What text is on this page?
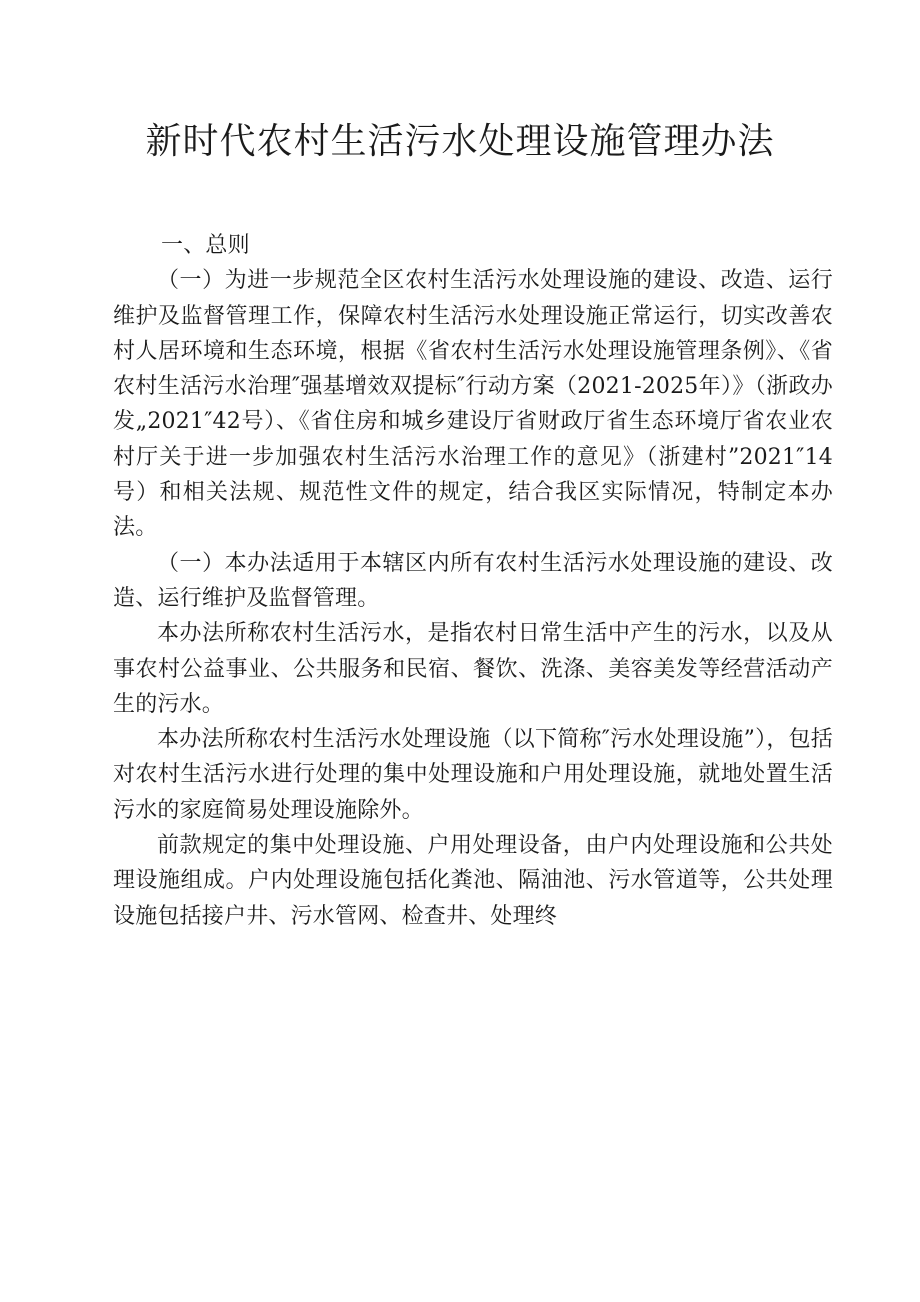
新时代农村生活污水处理设施管理办法

一、总则

（一）为进一步规范全区农村生活污水处理设施的建设、改造、运行维护及监督管理工作，保障农村生活污水处理设施正常运行，切实改善农村人居环境和生态环境，根据《省农村生活污水处理设施管理条例》、《省农村生活污水治理″强基增效双提标″行动方案（2021-2025年）》（浙政办发„2021″42号）、《省住房和城乡建设厅省财政厅省生态环境厅省农业农村厅关于进一步加强农村生活污水治理工作的意见》（浙建村”2021″14号）和相关法规、规范性文件的规定，结合我区实际情况，特制定本办法。

（一）本办法适用于本辖区内所有农村生活污水处理设施的建设、改造、运行维护及监督管理。

本办法所称农村生活污水，是指农村日常生活中产生的污水，以及从事农村公益事业、公共服务和民宿、餐饮、洗涤、美容美发等经营活动产生的污水。

本办法所称农村生活污水处理设施（以下简称″污水处理设施”），包括对农村生活污水进行处理的集中处理设施和户用处理设施，就地处置生活污水的家庭简易处理设施除外。

前款规定的集中处理设施、户用处理设备，由户内处理设施和公共处理设施组成。户内处理设施包括化粪池、隔油池、污水管道等，公共处理设施包括接户井、污水管网、检查井、处理终
